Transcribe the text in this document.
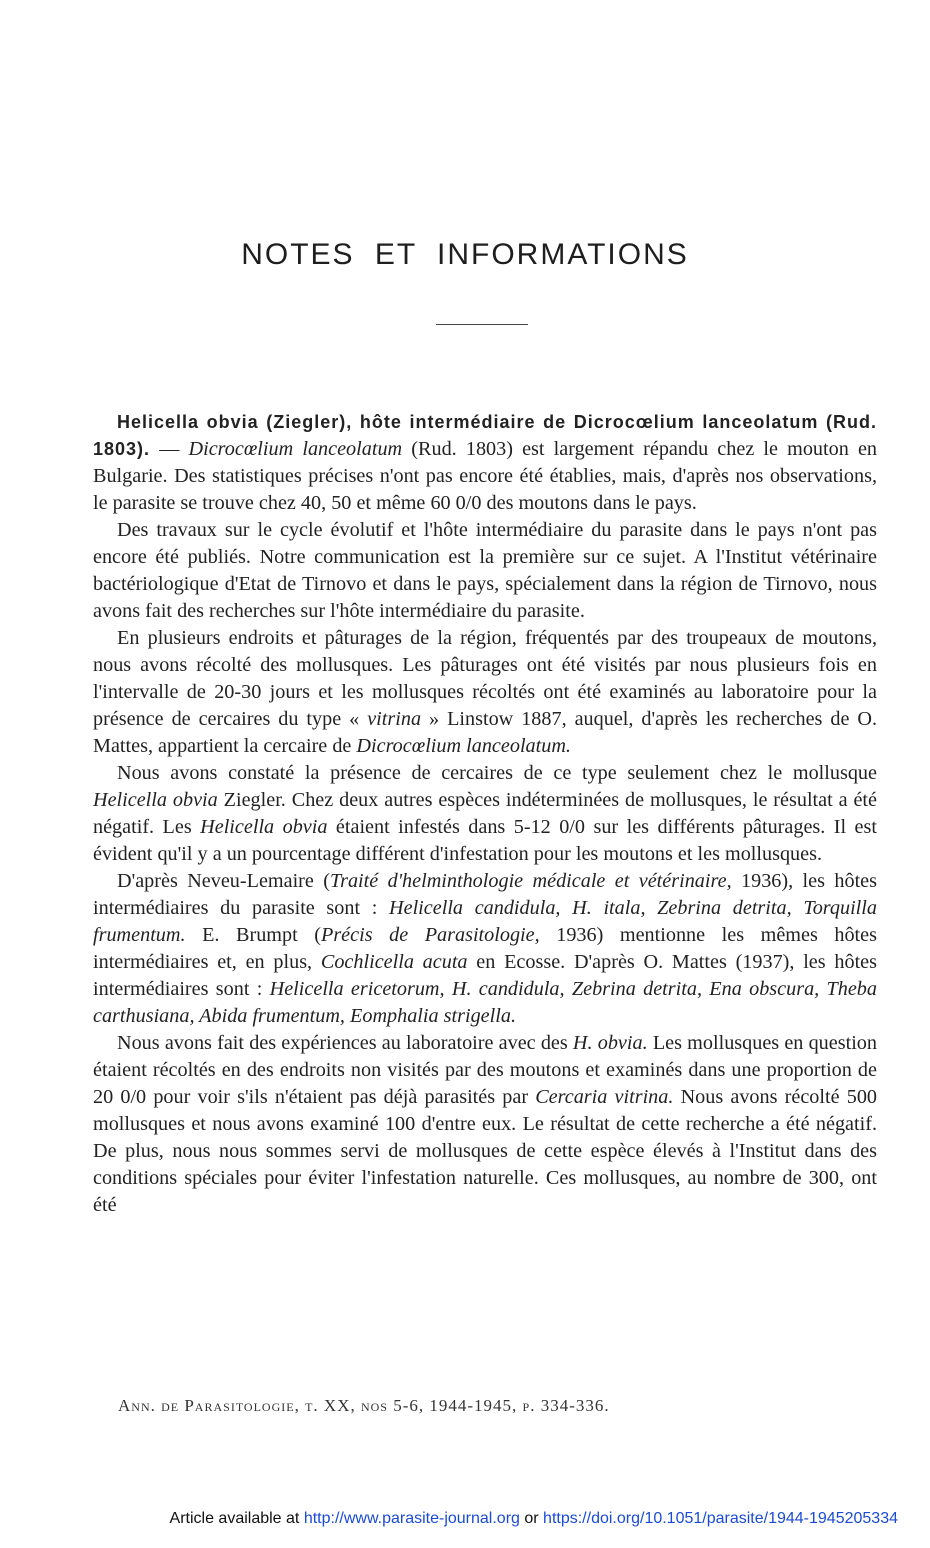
NOTES ET INFORMATIONS

Helicella obvia (Ziegler), hôte intermédiaire de Dicrocœlium lanceolatum (Rud. 1803). — Dicrocœlium lanceolatum (Rud. 1803) est largement répandu chez le mouton en Bulgarie. Des statistiques précises n'ont pas encore été établies, mais, d'après nos observations, le parasite se trouve chez 40, 50 et même 60 0/0 des moutons dans le pays.

Des travaux sur le cycle évolutif et l'hôte intermédiaire du parasite dans le pays n'ont pas encore été publiés. Notre communication est la première sur ce sujet. A l'Institut vétérinaire bactériologique d'Etat de Tirnovo et dans le pays, spécialement dans la région de Tirnovo, nous avons fait des recherches sur l'hôte intermédiaire du parasite.

En plusieurs endroits et pâturages de la région, fréquentés par des troupeaux de moutons, nous avons récolté des mollusques. Les pâturages ont été visités par nous plusieurs fois en l'intervalle de 20-30 jours et les mollusques récoltés ont été examinés au laboratoire pour la présence de cercaires du type « vitrina » Linstow 1887, auquel, d'après les recherches de O. Mattes, appartient la cercaire de Dicrocœlium lanceolatum.

Nous avons constaté la présence de cercaires de ce type seulement chez le mollusque Helicella obvia Ziegler. Chez deux autres espèces indéterminées de mollusques, le résultat a été négatif. Les Helicella obvia étaient infestés dans 5-12 0/0 sur les différents pâturages. Il est évident qu'il y a un pourcentage différent d'infestation pour les moutons et les mollusques.

D'après Neveu-Lemaire (Traité d'helminthologie médicale et vétérinaire, 1936), les hôtes intermédiaires du parasite sont : Helicella candidula, H. itala, Zebrina detrita, Torquilla frumentum. E. Brumpt (Précis de Parasitologie, 1936) mentionne les mêmes hôtes intermédiaires et, en plus, Cochlicella acuta en Ecosse. D'après O. Mattes (1937), les hôtes intermédiaires sont : Helicella ericetorum, H. candidula, Zebrina detrita, Ena obscura, Theba carthusiana, Abida frumentum, Eomphalia strigella.

Nous avons fait des expériences au laboratoire avec des H. obvia. Les mollusques en question étaient récoltés en des endroits non visités par des moutons et examinés dans une proportion de 20 0/0 pour voir s'ils n'étaient pas déjà parasités par Cercaria vitrina. Nous avons récolté 500 mollusques et nous avons examiné 100 d'entre eux. Le résultat de cette recherche a été négatif. De plus, nous nous sommes servi de mollusques de cette espèce élevés à l'Institut dans des conditions spéciales pour éviter l'infestation naturelle. Ces mollusques, au nombre de 300, ont été

Ann. de Parasitologie, t. XX, nos 5-6, 1944-1945, p. 334-336.
Article available at http://www.parasite-journal.org or https://doi.org/10.1051/parasite/1944-1945205334
